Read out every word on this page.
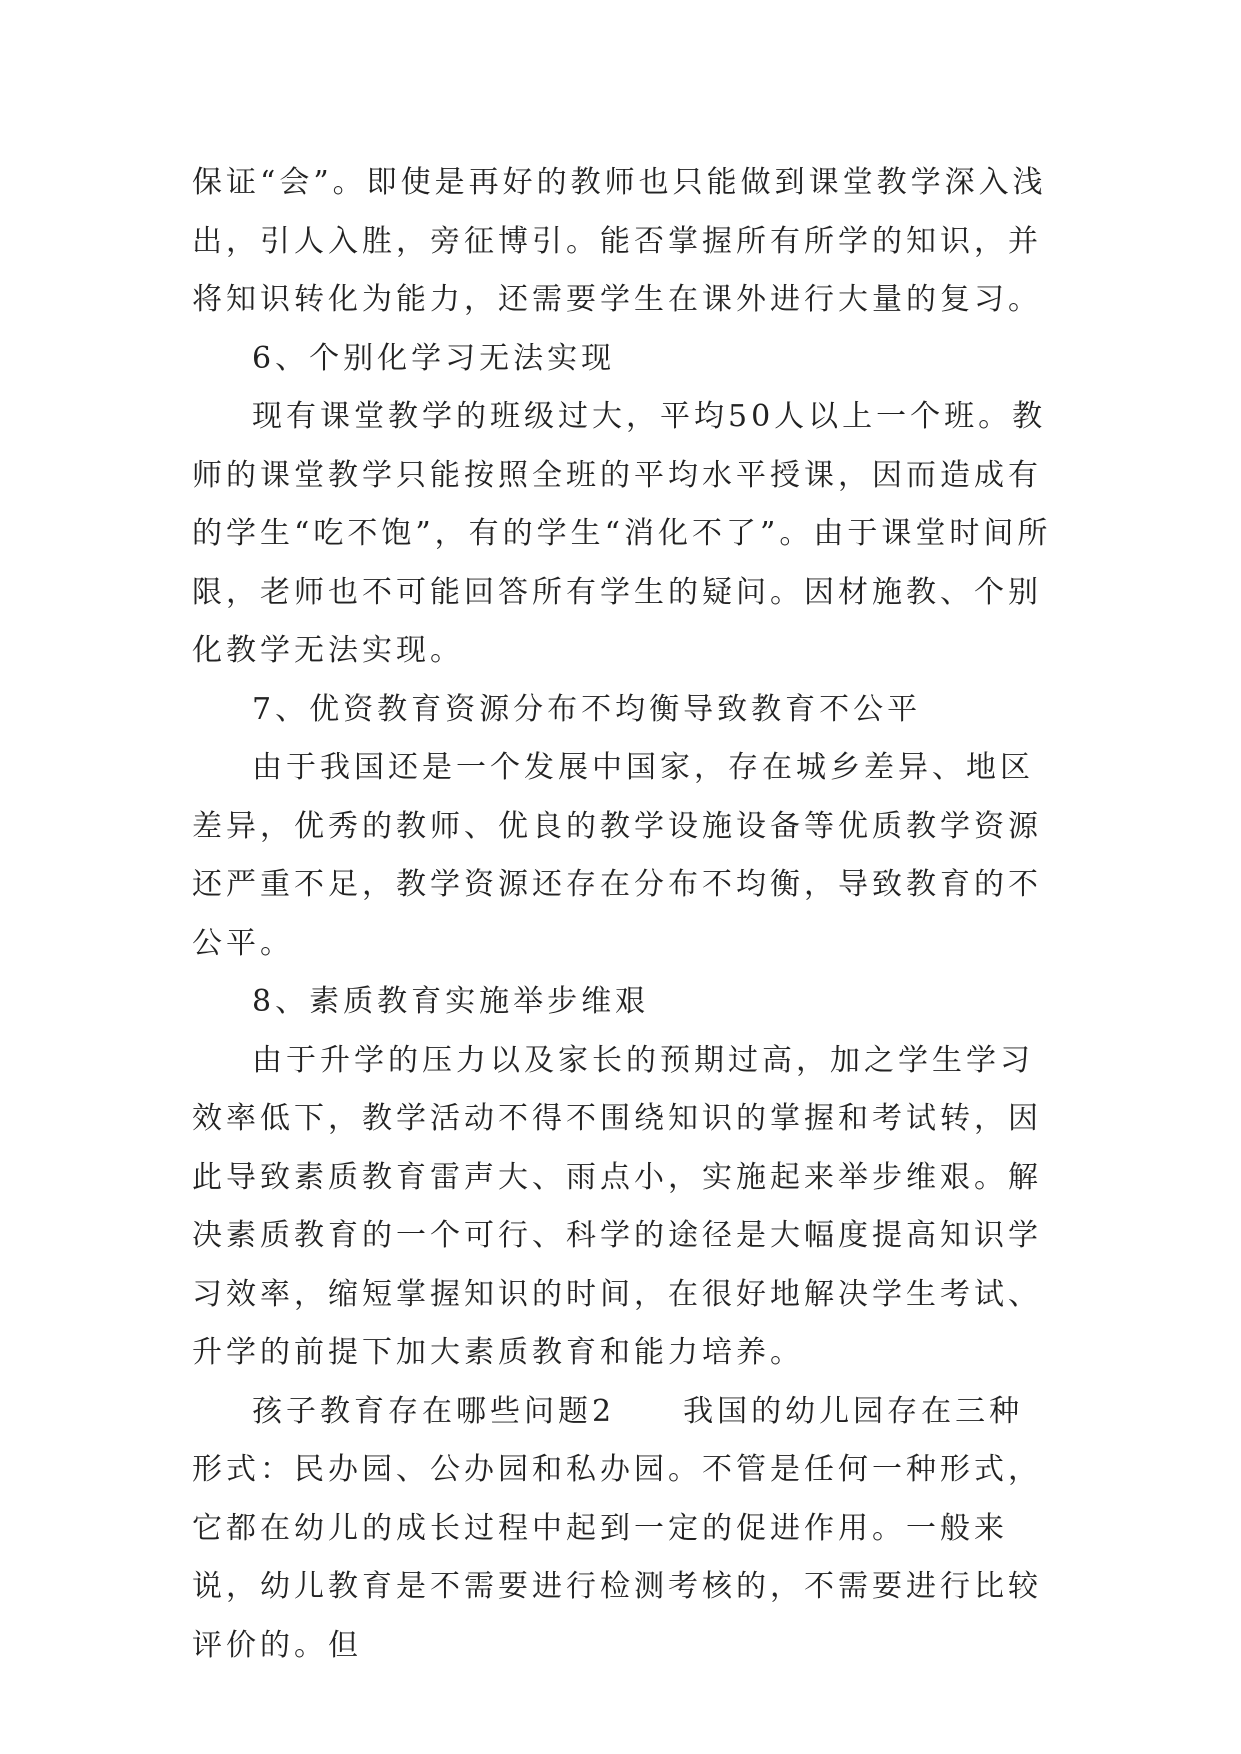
保证“会”。即使是再好的教师也只能做到课堂教学深入浅出，引人入胜，旁征博引。能否掌握所有所学的知识，并将知识转化为能力，还需要学生在课外进行大量的复习。

6、个别化学习无法实现

现有课堂教学的班级过大，平均50人以上一个班。教师的课堂教学只能按照全班的平均水平授课，因而造成有的学生“吃不饱”，有的学生“消化不了”。由于课堂时间所限，老师也不可能回答所有学生的疑问。因材施教、个别化教学无法实现。

7、优资教育资源分布不均衡导致教育不公平

由于我国还是一个发展中国家，存在城乡差异、地区差异，优秀的教师、优良的教学设施设备等优质教学资源还严重不足，教学资源还存在分布不均衡，导致教育的不公平。

8、素质教育实施举步维艰

由于升学的压力以及家长的预期过高，加之学生学习效率低下，教学活动不得不围绕知识的掌握和考试转，因此导致素质教育雷声大、雨点小，实施起来举步维艰。解决素质教育的一个可行、科学的途径是大幅度提高知识学习效率，缩短掌握知识的时间，在很好地解决学生考试、升学的前提下加大素质教育和能力培养。

孩子教育存在哪些问题2　　我国的幼儿园存在三种形式：民办园、公办园和私办园。不管是任何一种形式，它都在幼儿的成长过程中起到一定的促进作用。一般来说，幼儿教育是不需要进行检测考核的，不需要进行比较评价的。但
